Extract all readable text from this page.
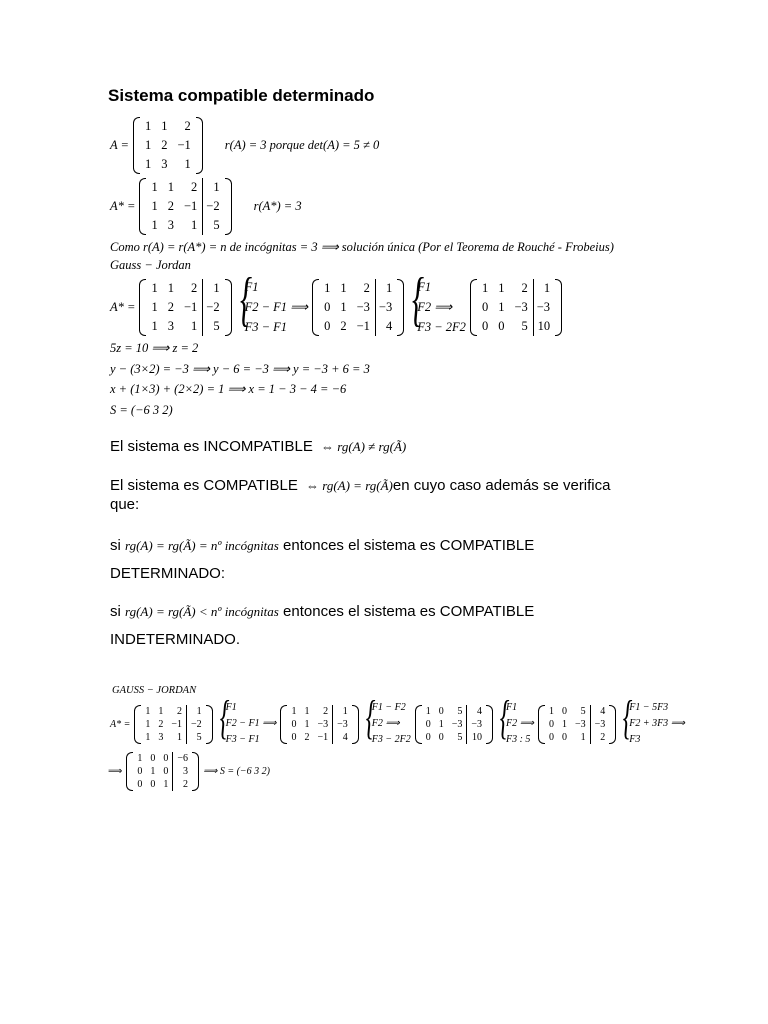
Sistema compatible determinado
A =
1	1	2
1	2	−1
1	3	1
r(A) = 3 porque det(A) = 5 ≠ 0
A* =
1	1	2	1
1	2	−1	−2
1	3	1	5
r(A*) = 3
Como r(A) = r(A*) = n de incógnitas = 3 ⟹ solución única (Por el Teorema de Rouché - Frobeius)
Gauss − Jordan
A* =
1	1	2	1
1	2	−1	−2
1	3	1	5
{ F1
F2 − F1 ⟹
F3 − F1
1	1	2	1
0	1	−3	−3
0	2	−1	4
{ F1
F2 ⟹
F3 − 2F2
1	1	2	1
0	1	−3	−3
0	0	5	10
5z = 10 ⟹ z = 2
y − (3×2) = −3 ⟹ y − 6 = −3 ⟹ y = −3 + 6 = 3
x + (1×3) + (2×2) = 1 ⟹ x = 1 − 3 − 4 = −6
S = (−6 3 2)
El sistema es INCOMPATIBLE ⇔ rg(A) ≠ rg(Ã)
El sistema es COMPATIBLE ⇔ rg(A) = rg(Ã)en cuyo caso además se verifica
que:
si rg(A) = rg(Ã) = nº incógnitas entonces el sistema es COMPATIBLE
DETERMINADO:
si rg(A) = rg(Ã) < nº incógnitas entonces el sistema es COMPATIBLE
INDETERMINADO.
GAUSS − JORDAN
A* =
1	1	2	1
1	2	−1	−2
1	3	1	5
{ F1
F2 − F1 ⟹
F3 − F1
1	1	2	1
0	1	−3	−3
0	2	−1	4
{ F1 − F2
F2 ⟹
F3 − 2F2
1	0	5	4
0	1	−3	−3
0	0	5	10
{ F1
F2 ⟹
F3 : 5
1	0	5	4
0	1	−3	−3
0	0	1	2
{ F1 − 5F3
F2 + 3F3 ⟹
F3
⟹
1	0	0	−6
0	1	0	3
0	0	1	2
⟹ S = (−6 3 2)
